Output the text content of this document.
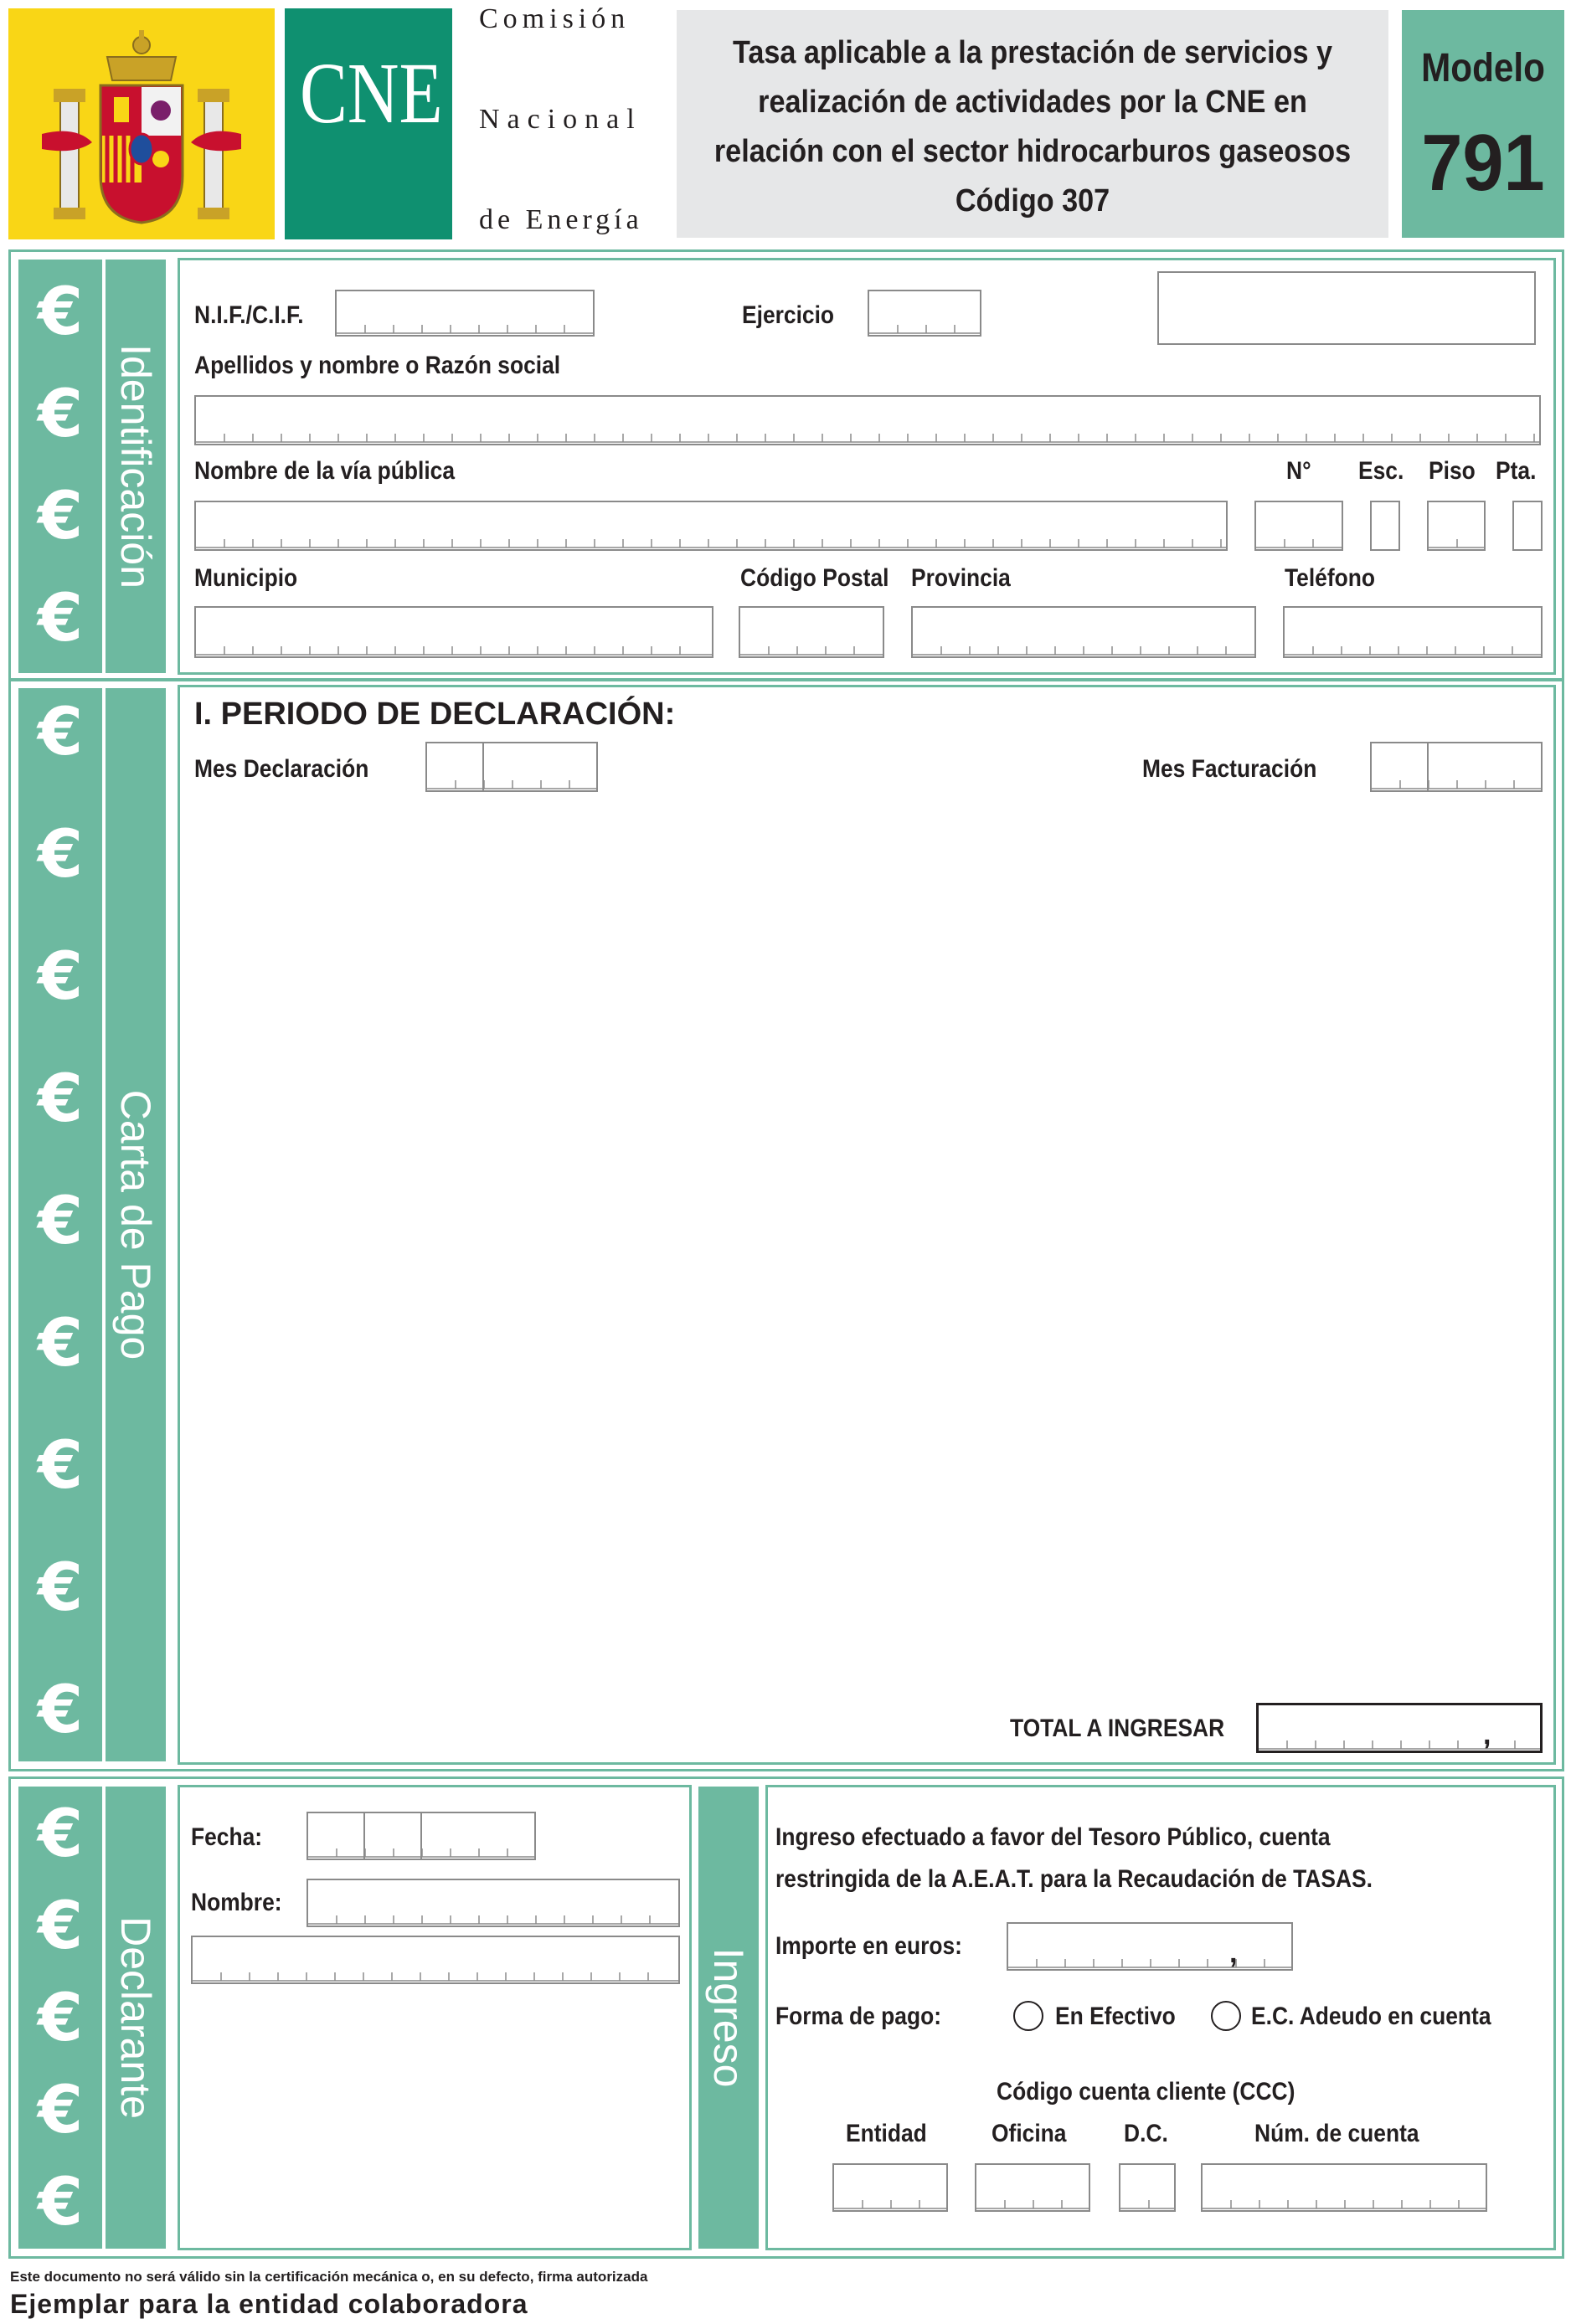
CNE
Comisión
Nacional
de Energía
Tasa aplicable a la prestación de servicios y
realización de actividades por la CNE en
relación con el sector hidrocarburos gaseosos
Código 307
Modelo
791
€
€
€
€
Identificación
N.I.F./C.I.F.	Ejercicio
Apellidos y nombre o Razón social
Nombre de la vía pública	N° Esc. Piso Pta.
Municipio	Código Postal Provincia	Teléfono
€
€
€
€
€
€
€
€
€
Carta de Pago
I. PERIODO DE DECLARACIÓN:
Mes Declaración	Mes Facturación
TOTAL A INGRESAR	,
€
€
€
€
€
Declarante
Fecha:
Nombre:
Ingreso
Ingreso efectuado a favor del Tesoro Público, cuenta
restringida de la A.E.A.T. para la Recaudación de TASAS.
Importe en euros:	,
Forma de pago:	En Efectivo	E.C. Adeudo en cuenta
Código cuenta cliente (CCC)
Entidad	Oficina D.C.	Núm. de cuenta
Este documento no será válido sin la certificación mecánica o, en su defecto, firma autorizada
Ejemplar para la entidad colaboradora
